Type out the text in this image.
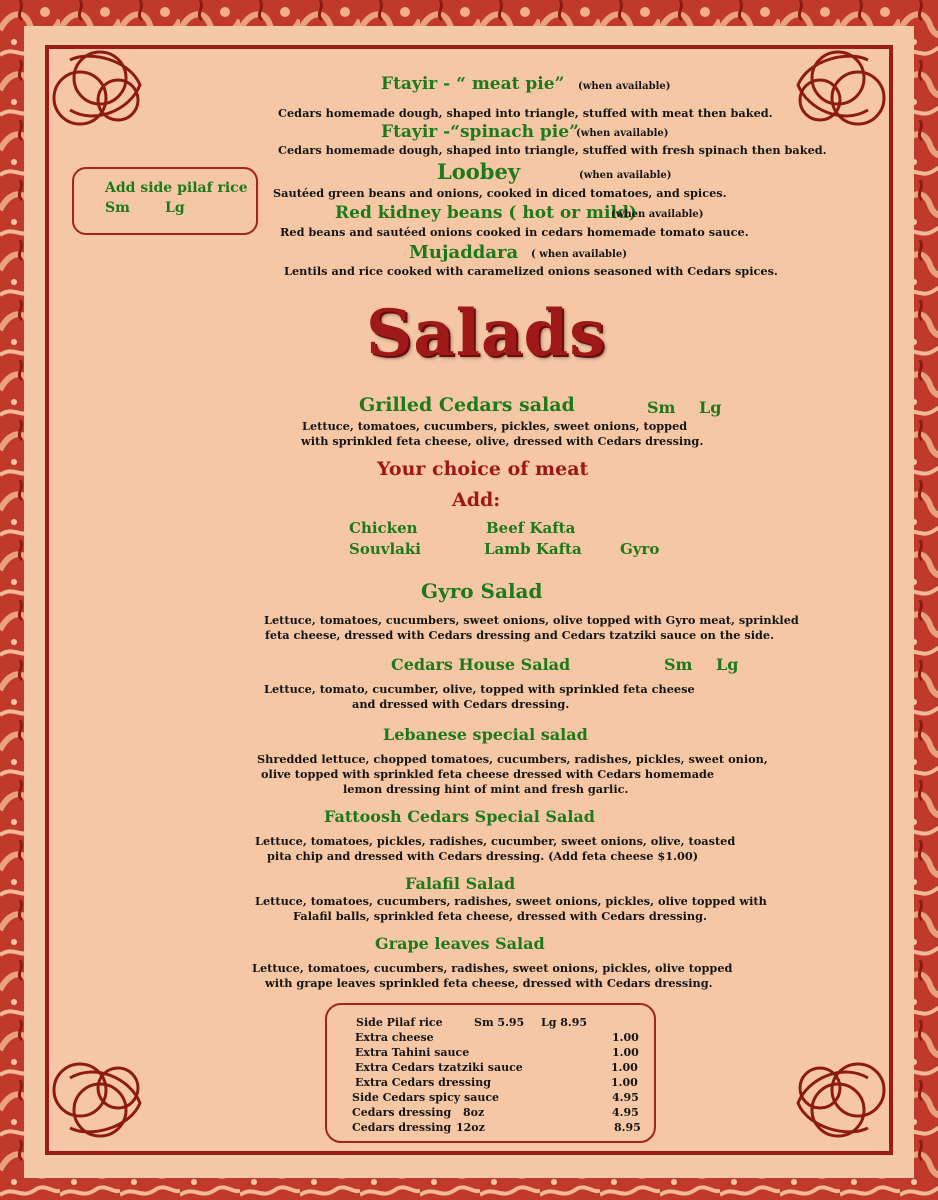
Ftayir - “ meat pie” (when available)
Cedars homemade dough, shaped into triangle, stuffed with meat then baked.
Ftayir -“spinach pie”
(when available)
Cedars homemade dough, shaped into triangle, stuffed with fresh spinach then baked.
Loobey	(when available)
Sautéed green beans and onions, cooked in diced tomatoes, and spices.
Red kidney beans ( hot or mild)
(when available)
Red beans and sautéed onions cooked in cedars homemade tomato sauce.
Mujaddara ( when available)
Lentils and rice cooked with caramelized onions seasoned with Cedars spices.
Add side pilaf rice
Sm	Lg
Salads
Grilled Cedars salad	Sm Lg
Lettuce, tomatoes, cucumbers, pickles, sweet onions, topped
with sprinkled feta cheese, olive, dressed with Cedars dressing.
Your choice of meat
Add:
Chicken	Beef Kafta
Souvlaki	Lamb Kafta	Gyro
Gyro Salad
Lettuce, tomatoes, cucumbers, sweet onions, olive topped with Gyro meat, sprinkled
feta cheese, dressed with Cedars dressing and Cedars tzatziki sauce on the side.
Cedars House Salad	Sm Lg
Lettuce, tomato, cucumber, olive, topped with sprinkled feta cheese
and dressed with Cedars dressing.
Lebanese special salad
Shredded lettuce, chopped tomatoes, cucumbers, radishes, pickles, sweet onion,
olive topped with sprinkled feta cheese dressed with Cedars homemade
lemon dressing hint of mint and fresh garlic.
Fattoosh Cedars Special Salad
Lettuce, tomatoes, pickles, radishes, cucumber, sweet onions, olive, toasted
pita chip and dressed with Cedars dressing. (Add feta cheese $1.00)
Falafil Salad
Lettuce, tomatoes, cucumbers, radishes, sweet onions, pickles, olive topped with
Falafil balls, sprinkled feta cheese, dressed with Cedars dressing.
Grape leaves Salad
Lettuce, tomatoes, cucumbers, radishes, sweet onions, pickles, olive topped
with grape leaves sprinkled feta cheese, dressed with Cedars dressing.
Side Pilaf rice	Sm 5.95 Lg 8.95
Extra cheese	1.00
Extra Tahini sauce	1.00
Extra Cedars tzatziki sauce	1.00
Extra Cedars dressing	1.00
Side Cedars spicy sauce	4.95
Cedars dressing 8oz	4.95
Cedars dressing 12oz	8.95
